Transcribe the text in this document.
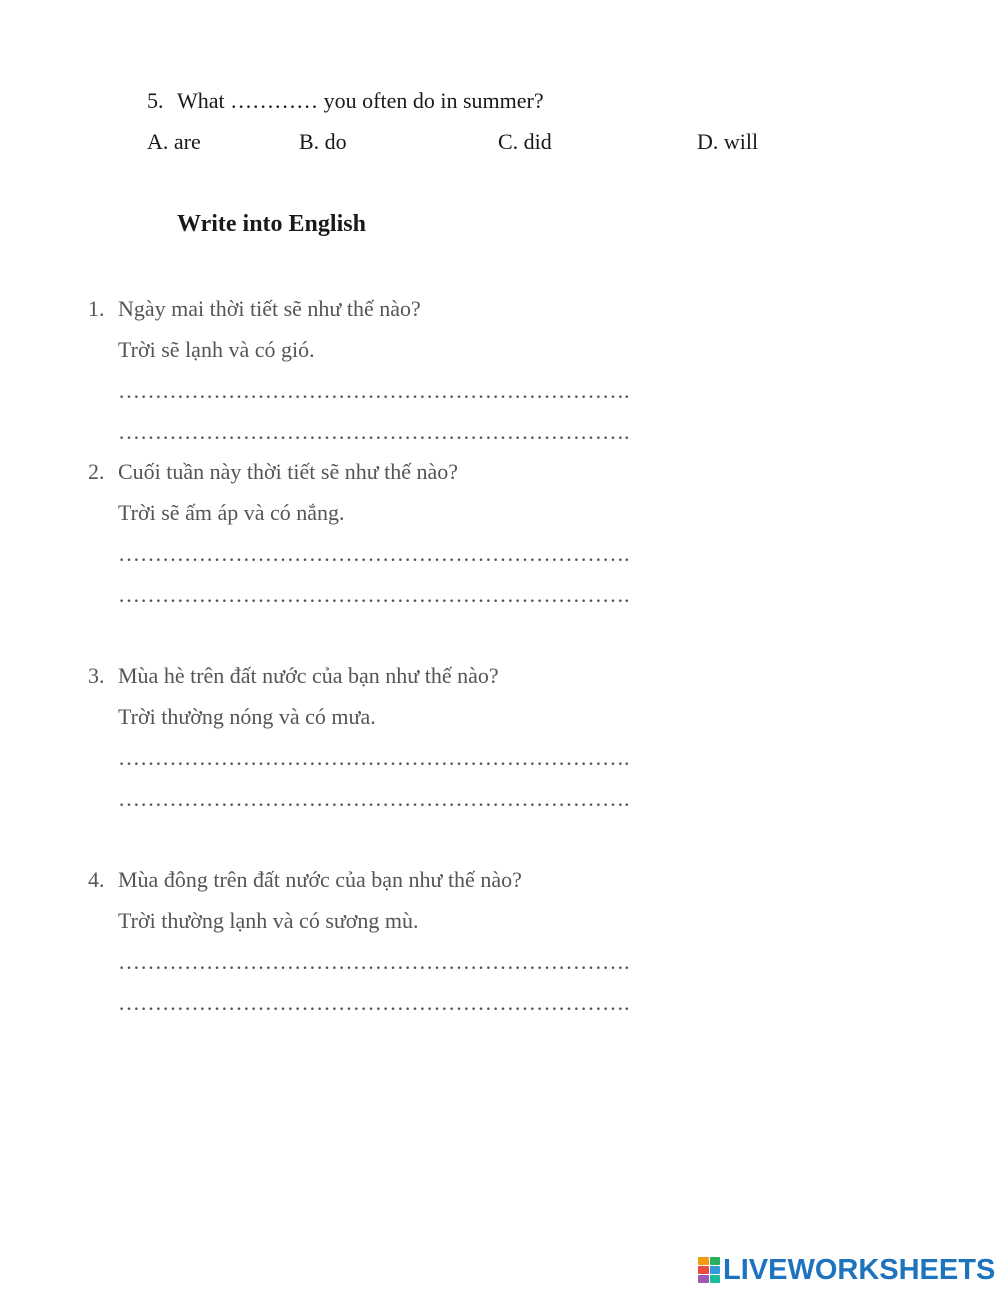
5. What ………… you often do in summer?
A. are	B. do	C. did	D. will
Write into English
1. Ngày mai thời tiết sẽ như thế nào?
Trời sẽ lạnh và có gió.
…………………………………………………………….
…………………………………………………………….
2. Cuối tuần này thời tiết sẽ như thế nào?
Trời sẽ ấm áp và có nắng.
…………………………………………………………….
…………………………………………………………….
3. Mùa hè trên đất nước của bạn như thế nào?
Trời thường nóng và có mưa.
…………………………………………………………….
…………………………………………………………….
4. Mùa đông trên đất nước của bạn như thế nào?
Trời thường lạnh và có sương mù.
…………………………………………………………….
…………………………………………………………….
LIVEWORKSHEETS
